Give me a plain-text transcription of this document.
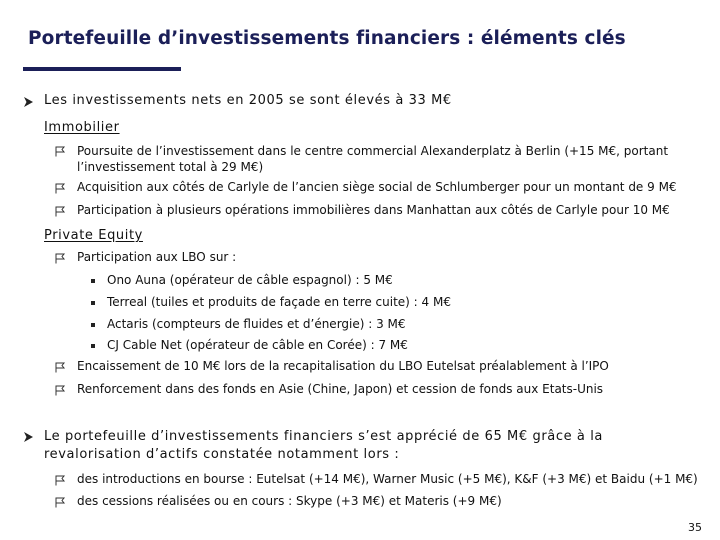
Portefeuille d’investissements financiers : éléments clés
Les investissements nets en 2005 se sont élevés à 33 M€
Immobilier
Poursuite de l’investissement dans le centre commercial Alexanderplatz à Berlin (+15 M€, portant l’investissement total à 29 M€)
Acquisition aux côtés de Carlyle de l’ancien siège social de Schlumberger pour un montant de 9 M€
Participation à plusieurs opérations immobilières dans Manhattan aux côtés de Carlyle pour 10 M€
Private Equity
Participation aux LBO sur :
Ono Auna (opérateur de câble espagnol) : 5 M€
Terreal (tuiles et produits de façade en terre cuite) : 4 M€
Actaris (compteurs de fluides et d’énergie) : 3 M€
CJ Cable Net (opérateur de câble en Corée) : 7 M€
Encaissement de 10 M€ lors de la recapitalisation du LBO Eutelsat préalablement à l’IPO
Renforcement dans des fonds en Asie (Chine, Japon) et cession de fonds aux Etats-Unis
Le portefeuille d’investissements financiers s’est apprécié de 65 M€ grâce à la revalorisation d’actifs constatée notamment lors :
des introductions en bourse : Eutelsat (+14 M€), Warner Music (+5 M€), K&F (+3 M€) et Baidu (+1 M€)
des cessions réalisées ou en cours : Skype (+3 M€) et Materis (+9 M€)
35
